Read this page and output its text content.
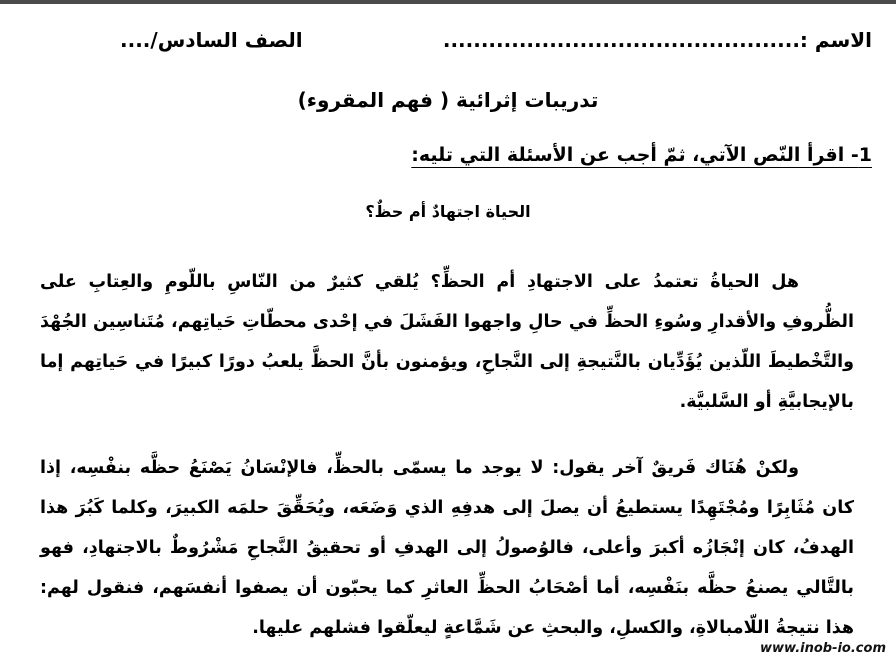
الاسم :...............................................
الصف السادس/....
تدريبات إثرائية ( فهم المقروء)
1- اقرأ النّص الآتي، ثمّ أجب عن الأسئلة التي تليه:
الحياة اجتهادٌ أم حظٌ؟

هل الحياةُ تعتمدُ على الاجتهادِ أم الحظِّ؟ يُلقي كثيرٌ من النّاسِ باللّومِ والعِتابِ على الظُّروفِ والأقدارِ وسُوءِ الحظِّ في حالِ واجهوا الفَشَلَ في إحْدى محطّاتِ حَياتِهم، مُتَناسِين الجُهْدَ والتَّخْطيطَ اللّذين يُؤَدِّيان بالنَّتيجةِ إلى النَّجاحِ، ويؤمنون بأنَّ الحظَّ يلعبُ دورًا كبيرًا في حَياتِهم إما بالإيجابيَّةِ أو السَّلبيَّة.

ولكنْ هُنَاك فَريقٌ آخر يقول: لا يوجد ما يسمّى بالحظِّ، فالإنْسَانُ يَصْنَعُ حظَّه بنفْسِه، إذا كان مُثَابِرًا ومُجْتَهِدًا يستطيعُ أن يصلَ إلى هدفِهِ الذي وَضَعَه، ويُحَقِّقَ حلمَه الكبيرَ، وكلما كَبُرَ هذا الهدفُ، كان إنْجَازُه أكبرَ وأعلى، فالوُصولُ إلى الهدفِ أو تحقيقُ النَّجاحِ مَشْرُوطٌ بالاجتهادِ، فهو بالتَّالي يصنعُ حظَّه بنَفْسِه، أما أصْحَابُ الحظِّ العاثرِ كما يحبّون أن يصفوا أنفسَهم، فنقول لهم: هذا نتيجةُ اللّامبالاةِ، والكسلِ، والبحثِ عن شَمَّاعةٍ ليعلّقوا فشلهم عليها.

www.inob-io.com
